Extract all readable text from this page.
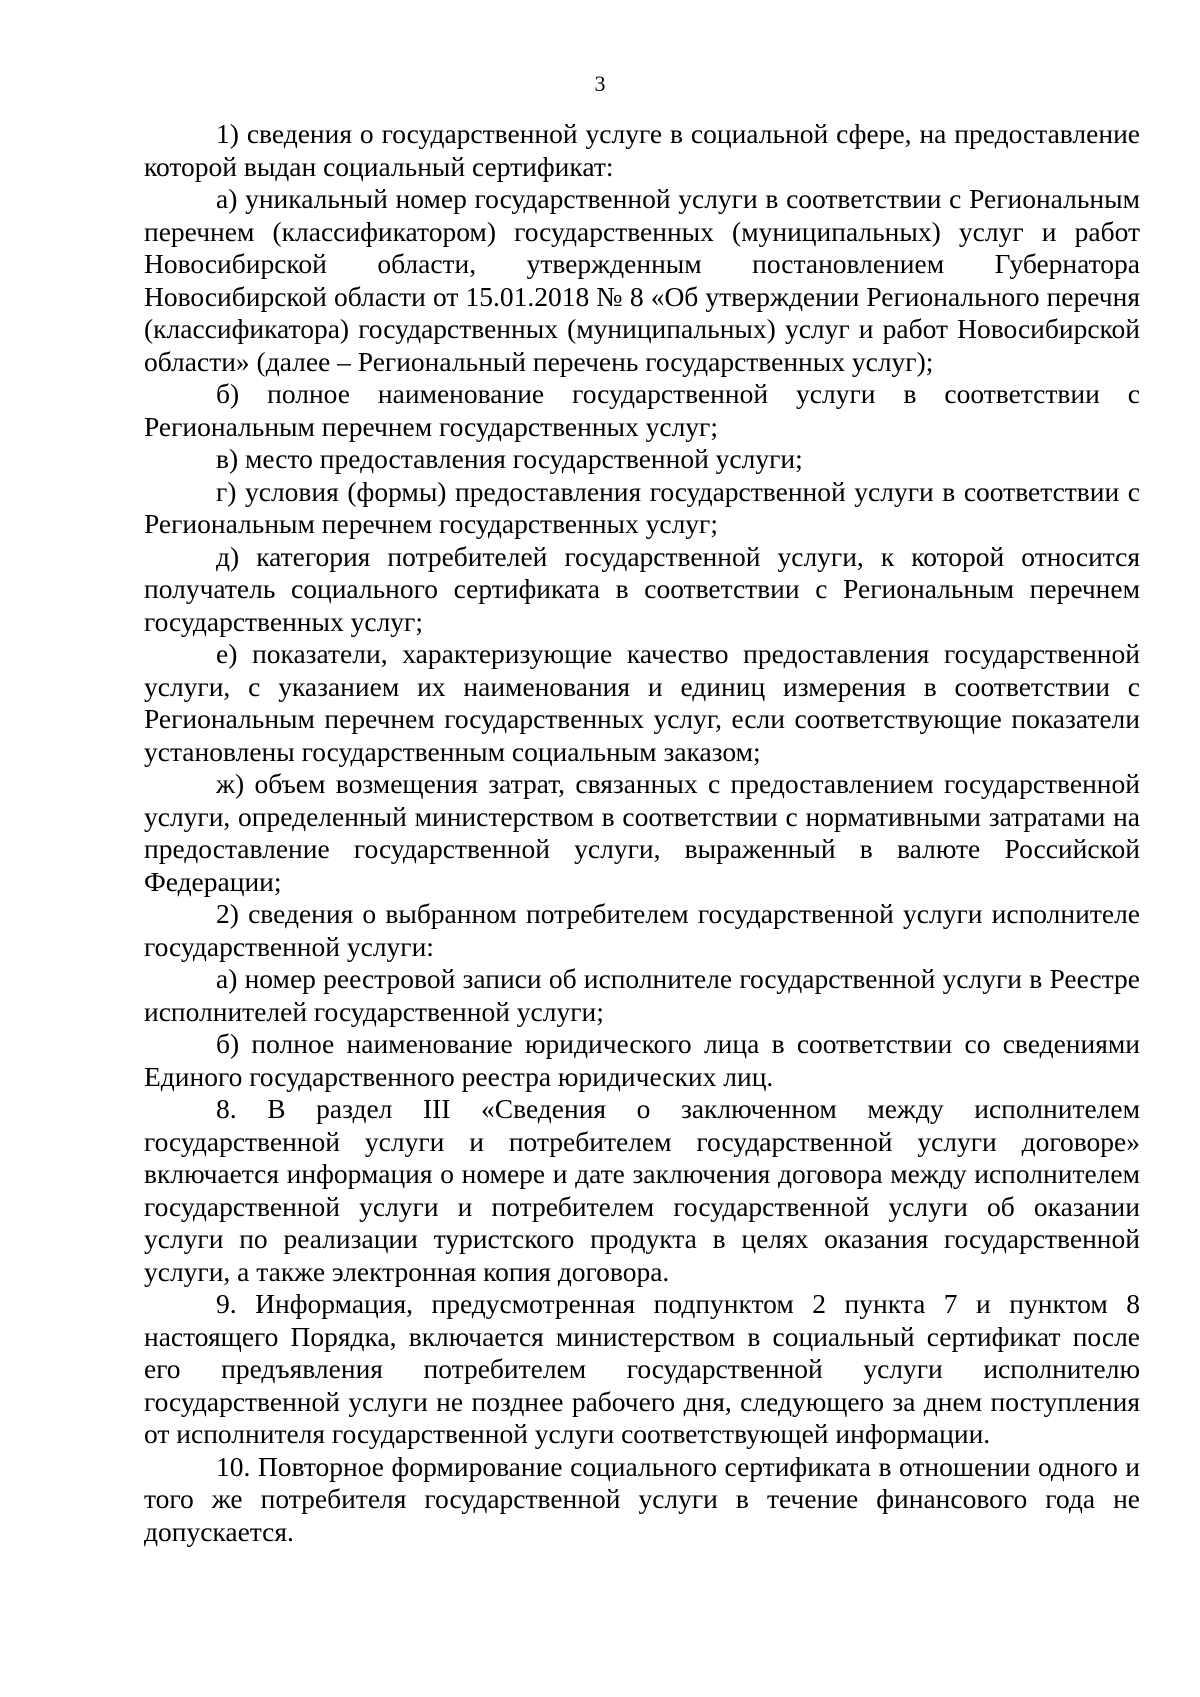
3

1) сведения о государственной услуге в социальной сфере, на предоставление которой выдан социальный сертификат:

а) уникальный номер государственной услуги в соответствии с Региональным перечнем (классификатором) государственных (муниципальных) услуг и работ Новосибирской области, утвержденным постановлением Губернатора Новосибирской области от 15.01.2018 № 8 «Об утверждении Регионального перечня (классификатора) государственных (муниципальных) услуг и работ Новосибирской области» (далее – Региональный перечень государственных услуг);

б) полное наименование государственной услуги в соответствии с Региональным перечнем государственных услуг;

в) место предоставления государственной услуги;

г) условия (формы) предоставления государственной услуги в соответствии с Региональным перечнем государственных услуг;

д) категория потребителей государственной услуги, к которой относится получатель социального сертификата в соответствии с Региональным перечнем государственных услуг;

е) показатели, характеризующие качество предоставления государственной услуги, с указанием их наименования и единиц измерения в соответствии с Региональным перечнем государственных услуг, если соответствующие показатели установлены государственным социальным заказом;

ж) объем возмещения затрат, связанных с предоставлением государственной услуги, определенный министерством в соответствии с нормативными затратами на предоставление государственной услуги, выраженный в валюте Российской Федерации;

2) сведения о выбранном потребителем государственной услуги исполнителе государственной услуги:

а) номер реестровой записи об исполнителе государственной услуги в Реестре исполнителей государственной услуги;

б) полное наименование юридического лица в соответствии со сведениями Единого государственного реестра юридических лиц.

8. В раздел III «Сведения о заключенном между исполнителем государственной услуги и потребителем государственной услуги договоре» включается информация о номере и дате заключения договора между исполнителем государственной услуги и потребителем государственной услуги об оказании услуги по реализации туристского продукта в целях оказания государственной услуги, а также электронная копия договора.

9. Информация, предусмотренная подпунктом 2 пункта 7 и пунктом 8 настоящего Порядка, включается министерством в социальный сертификат после его предъявления потребителем государственной услуги исполнителю государственной услуги не позднее рабочего дня, следующего за днем поступления от исполнителя государственной услуги соответствующей информации.

10. Повторное формирование социального сертификата в отношении одного и того же потребителя государственной услуги в течение финансового года не допускается.
